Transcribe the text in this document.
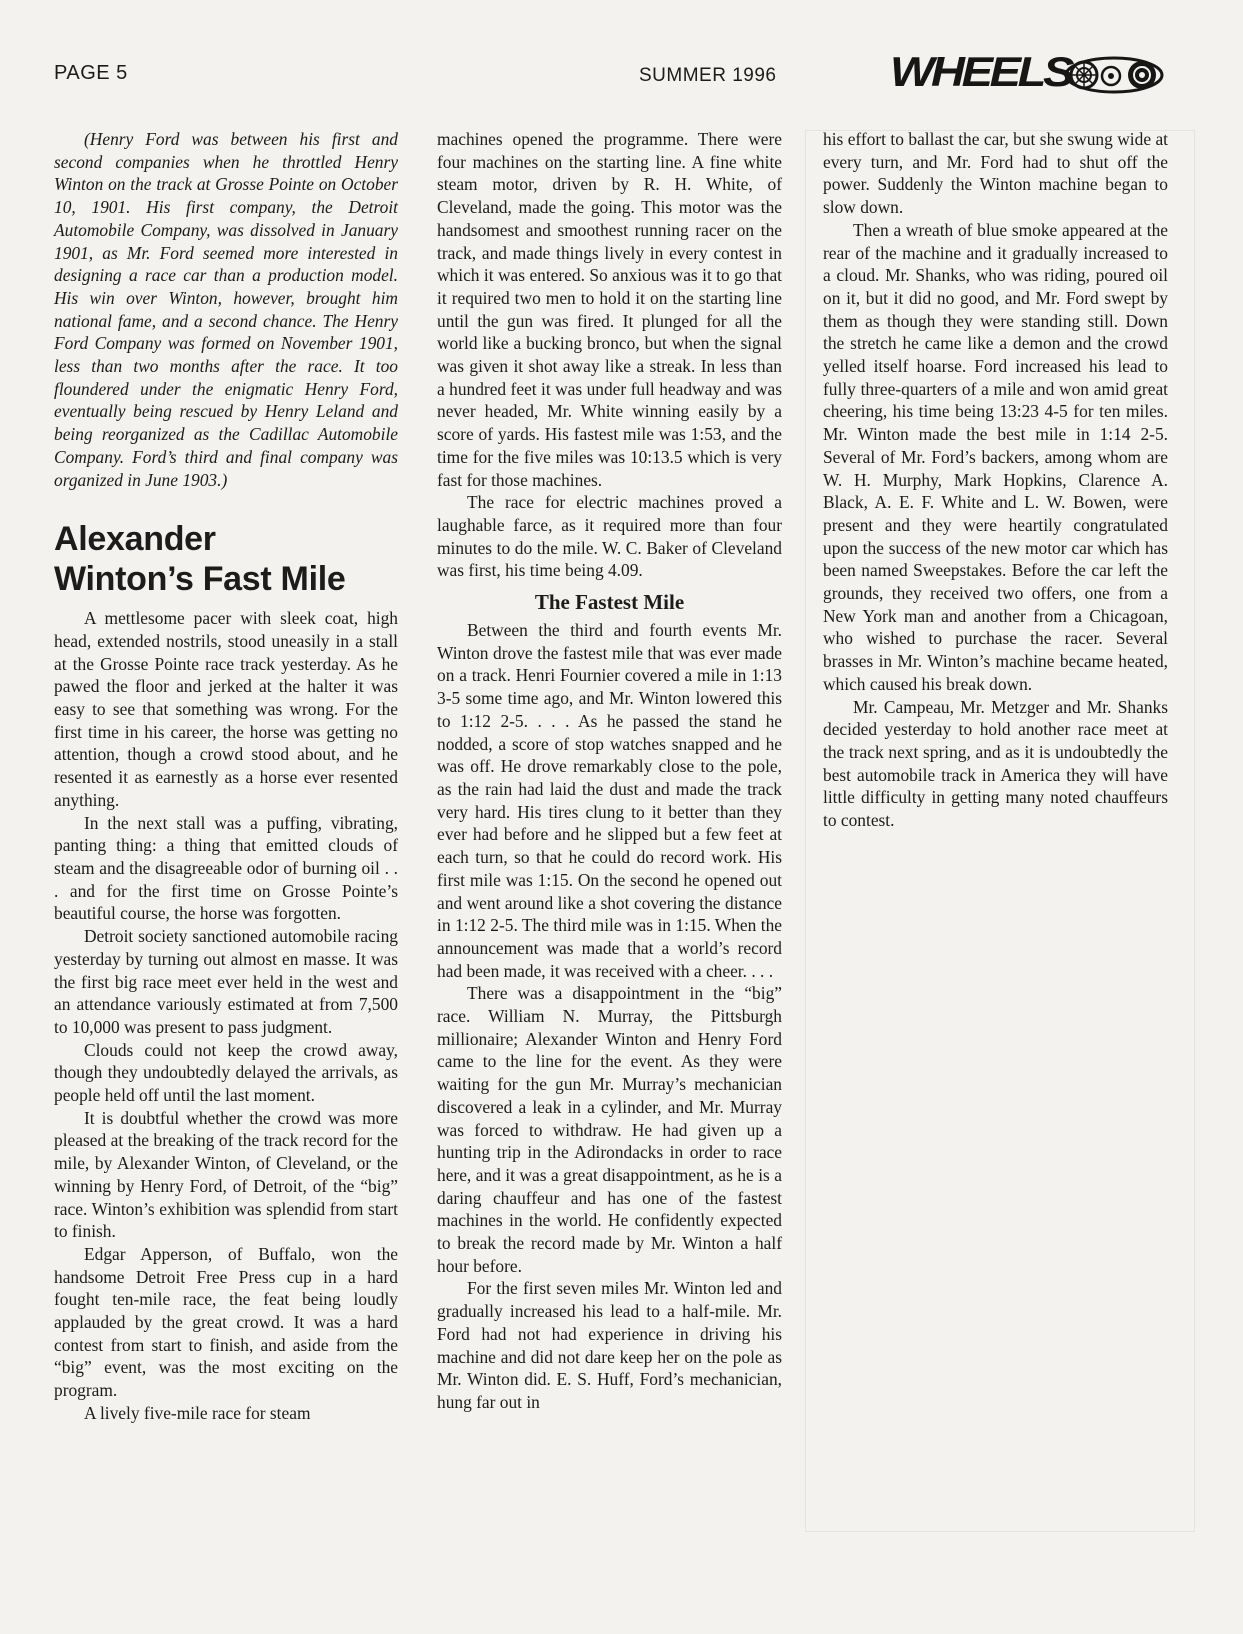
PAGE 5	SUMMER 1996	WHEELS

(Henry Ford was between his first and second companies when he throttled Henry Winton on the track at Grosse Pointe on October 10, 1901. His first company, the Detroit Automobile Company, was dissolved in January 1901, as Mr. Ford seemed more interested in designing a race car than a production model. His win over Winton, however, brought him national fame, and a second chance. The Henry Ford Company was formed on November 1901, less than two months after the race. It too floundered under the enigmatic Henry Ford, eventually being rescued by Henry Leland and being reorganized as the Cadillac Automobile Company. Ford’s third and final company was organized in June 1903.)

Alexander
Winton’s Fast Mile

A mettlesome pacer with sleek coat, high head, extended nostrils, stood uneasily in a stall at the Grosse Pointe race track yesterday. As he pawed the floor and jerked at the halter it was easy to see that something was wrong. For the first time in his career, the horse was getting no attention, though a crowd stood about, and he resented it as earnestly as a horse ever resented anything.

In the next stall was a puffing, vibrating, panting thing: a thing that emitted clouds of steam and the disagreeable odor of burning oil . . . and for the first time on Grosse Pointe’s beautiful course, the horse was forgotten.

Detroit society sanctioned automobile racing yesterday by turning out almost en masse. It was the first big race meet ever held in the west and an attendance variously estimated at from 7,500 to 10,000 was present to pass judgment.

Clouds could not keep the crowd away, though they undoubtedly delayed the arrivals, as people held off until the last moment.

It is doubtful whether the crowd was more pleased at the breaking of the track record for the mile, by Alexander Winton, of Cleveland, or the winning by Henry Ford, of Detroit, of the “big” race. Winton’s exhibition was splendid from start to finish.

Edgar Apperson, of Buffalo, won the handsome Detroit Free Press cup in a hard fought ten-mile race, the feat being loudly applauded by the great crowd. It was a hard contest from start to finish, and aside from the “big” event, was the most exciting on the program.

A lively five-mile race for steam

machines opened the programme. There were four machines on the starting line. A fine white steam motor, driven by R. H. White, of Cleveland, made the going. This motor was the handsomest and smoothest running racer on the track, and made things lively in every contest in which it was entered. So anxious was it to go that it required two men to hold it on the starting line until the gun was fired. It plunged for all the world like a bucking bronco, but when the signal was given it shot away like a streak. In less than a hundred feet it was under full headway and was never headed, Mr. White winning easily by a score of yards. His fastest mile was 1:53, and the time for the five miles was 10:13.5 which is very fast for those machines.

The race for electric machines proved a laughable farce, as it required more than four minutes to do the mile. W. C. Baker of Cleveland was first, his time being 4.09.

The Fastest Mile

Between the third and fourth events Mr. Winton drove the fastest mile that was ever made on a track. Henri Fournier covered a mile in 1:13 3-5 some time ago, and Mr. Winton lowered this to 1:12 2-5. . . . As he passed the stand he nodded, a score of stop watches snapped and he was off. He drove remarkably close to the pole, as the rain had laid the dust and made the track very hard. His tires clung to it better than they ever had before and he slipped but a few feet at each turn, so that he could do record work. His first mile was 1:15. On the second he opened out and went around like a shot covering the distance in 1:12 2-5. The third mile was in 1:15. When the announcement was made that a world’s record had been made, it was received with a cheer. . . .

There was a disappointment in the “big” race. William N. Murray, the Pittsburgh millionaire; Alexander Winton and Henry Ford came to the line for the event. As they were waiting for the gun Mr. Murray’s mechanician discovered a leak in a cylinder, and Mr. Murray was forced to withdraw. He had given up a hunting trip in the Adirondacks in order to race here, and it was a great disappointment, as he is a daring chauffeur and has one of the fastest machines in the world. He confidently expected to break the record made by Mr. Winton a half hour before.

For the first seven miles Mr. Winton led and gradually increased his lead to a half-mile. Mr. Ford had not had experience in driving his machine and did not dare keep her on the pole as Mr. Winton did. E. S. Huff, Ford’s mechanician, hung far out in

his effort to ballast the car, but she swung wide at every turn, and Mr. Ford had to shut off the power. Suddenly the Winton machine began to slow down.

Then a wreath of blue smoke appeared at the rear of the machine and it gradually increased to a cloud. Mr. Shanks, who was riding, poured oil on it, but it did no good, and Mr. Ford swept by them as though they were standing still. Down the stretch he came like a demon and the crowd yelled itself hoarse. Ford increased his lead to fully three-quarters of a mile and won amid great cheering, his time being 13:23 4-5 for ten miles. Mr. Winton made the best mile in 1:14 2-5. Several of Mr. Ford’s backers, among whom are W. H. Murphy, Mark Hopkins, Clarence A. Black, A. E. F. White and L. W. Bowen, were present and they were heartily congratulated upon the success of the new motor car which has been named Sweepstakes. Before the car left the grounds, they received two offers, one from a New York man and another from a Chicagoan, who wished to purchase the racer. Several brasses in Mr. Winton’s machine became heated, which caused his break down.

Mr. Campeau, Mr. Metzger and Mr. Shanks decided yesterday to hold another race meet at the track next spring, and as it is undoubtedly the best automobile track in America they will have little difficulty in getting many noted chauffeurs to contest.
